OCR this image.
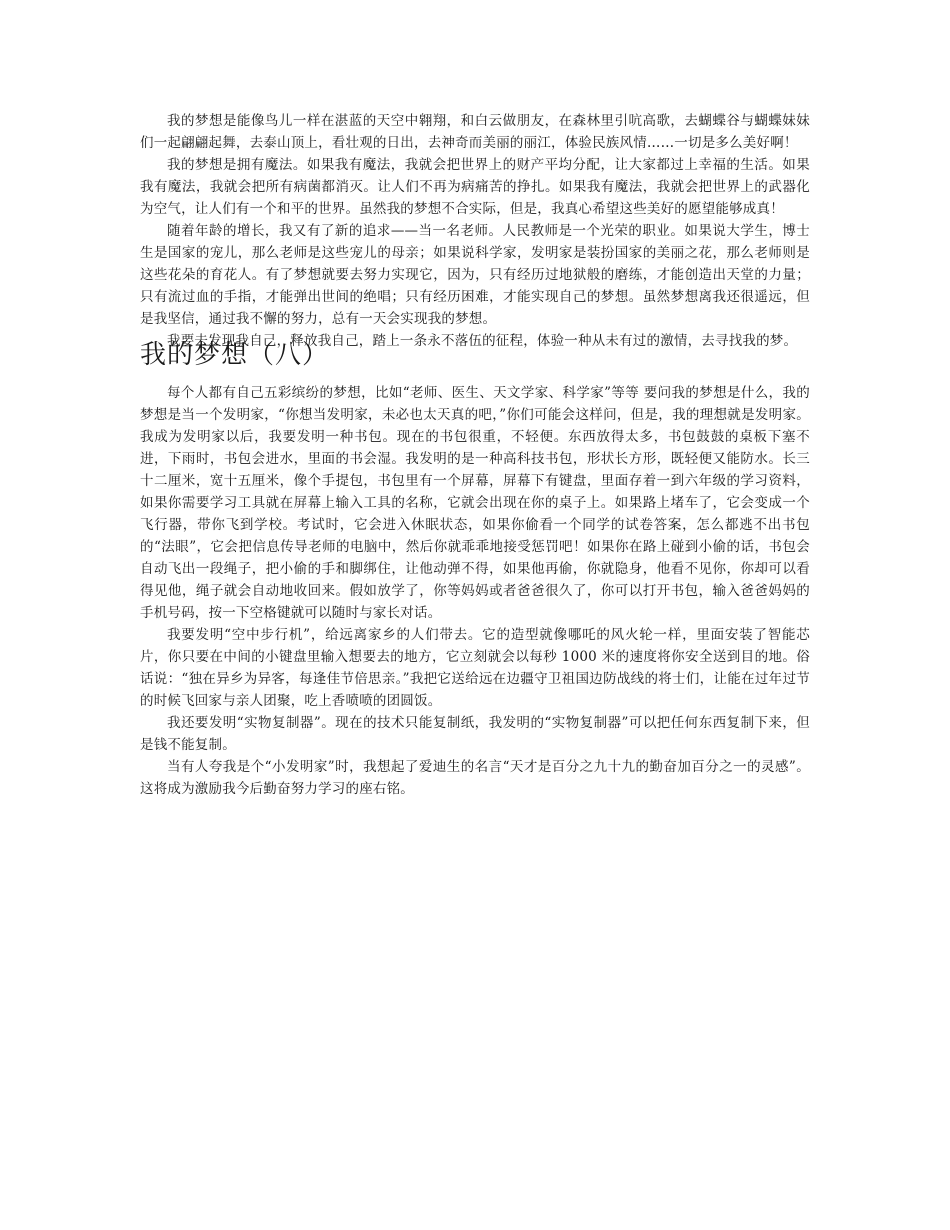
我的梦想是能像鸟儿一样在湛蓝的天空中翱翔，和白云做朋友，在森林里引吭高歌，去蝴蝶谷与蝴蝶妹妹们一起翩翩起舞，去泰山顶上，看壮观的日出，去神奇而美丽的丽江，体验民族风情……一切是多么美好啊！

我的梦想是拥有魔法。如果我有魔法，我就会把世界上的财产平均分配，让大家都过上幸福的生活。如果我有魔法，我就会把所有病菌都消灭。让人们不再为病痛苦的挣扎。如果我有魔法，我就会把世界上的武器化为空气，让人们有一个和平的世界。虽然我的梦想不合实际，但是，我真心希望这些美好的愿望能够成真！

随着年龄的增长，我又有了新的追求——当一名老师。人民教师是一个光荣的职业。如果说大学生，博士生是国家的宠儿，那么老师是这些宠儿的母亲；如果说科学家，发明家是装扮国家的美丽之花，那么老师则是这些花朵的育花人。有了梦想就要去努力实现它，因为，只有经历过地狱般的磨练，才能创造出天堂的力量；只有流过血的手指，才能弹出世间的绝唱；只有经历困难，才能实现自己的梦想。虽然梦想离我还很遥远，但是我坚信，通过我不懈的努力，总有一天会实现我的梦想。

我要去发现我自己，释放我自己，踏上一条永不落伍的征程，体验一种从未有过的激情，去寻找我的梦。

我的梦想（八）

每个人都有自己五彩缤纷的梦想，比如“老师、医生、天文学家、科学家”等等 要问我的梦想是什么，我的梦想是当一个发明家，“你想当发明家，未必也太天真的吧，”你们可能会这样问，但是，我的理想就是发明家。我成为发明家以后，我要发明一种书包。现在的书包很重，不轻便。东西放得太多，书包鼓鼓的桌板下塞不进，下雨时，书包会进水，里面的书会湿。我发明的是一种高科技书包，形状长方形，既轻便又能防水。长三十二厘米，宽十五厘米，像个手提包，书包里有一个屏幕，屏幕下有键盘，里面存着一到六年级的学习资料，如果你需要学习工具就在屏幕上输入工具的名称，它就会出现在你的桌子上。如果路上堵车了，它会变成一个飞行器，带你飞到学校。考试时，它会进入休眠状态，如果你偷看一个同学的试卷答案，怎么都逃不出书包的“法眼”，它会把信息传导老师的电脑中，然后你就乖乖地接受惩罚吧！如果你在路上碰到小偷的话，书包会自动飞出一段绳子，把小偷的手和脚绑住，让他动弹不得，如果他再偷，你就隐身，他看不见你，你却可以看得见他，绳子就会自动地收回来。假如放学了，你等妈妈或者爸爸很久了，你可以打开书包，输入爸爸妈妈的手机号码，按一下空格键就可以随时与家长对话。

我要发明“空中步行机”，给远离家乡的人们带去。它的造型就像哪吒的风火轮一样，里面安装了智能芯片，你只要在中间的小键盘里输入想要去的地方，它立刻就会以每秒 1000 米的速度将你安全送到目的地。俗话说：“独在异乡为异客，每逢佳节倍思亲。”我把它送给远在边疆守卫祖国边防战线的将士们，让能在过年过节的时候飞回家与亲人团聚，吃上香喷喷的团圆饭。

我还要发明“实物复制器”。现在的技术只能复制纸，我发明的“实物复制器”可以把任何东西复制下来，但是钱不能复制。

当有人夸我是个“小发明家”时，我想起了爱迪生的名言“天才是百分之九十九的勤奋加百分之一的灵感”。这将成为激励我今后勤奋努力学习的座右铭。
